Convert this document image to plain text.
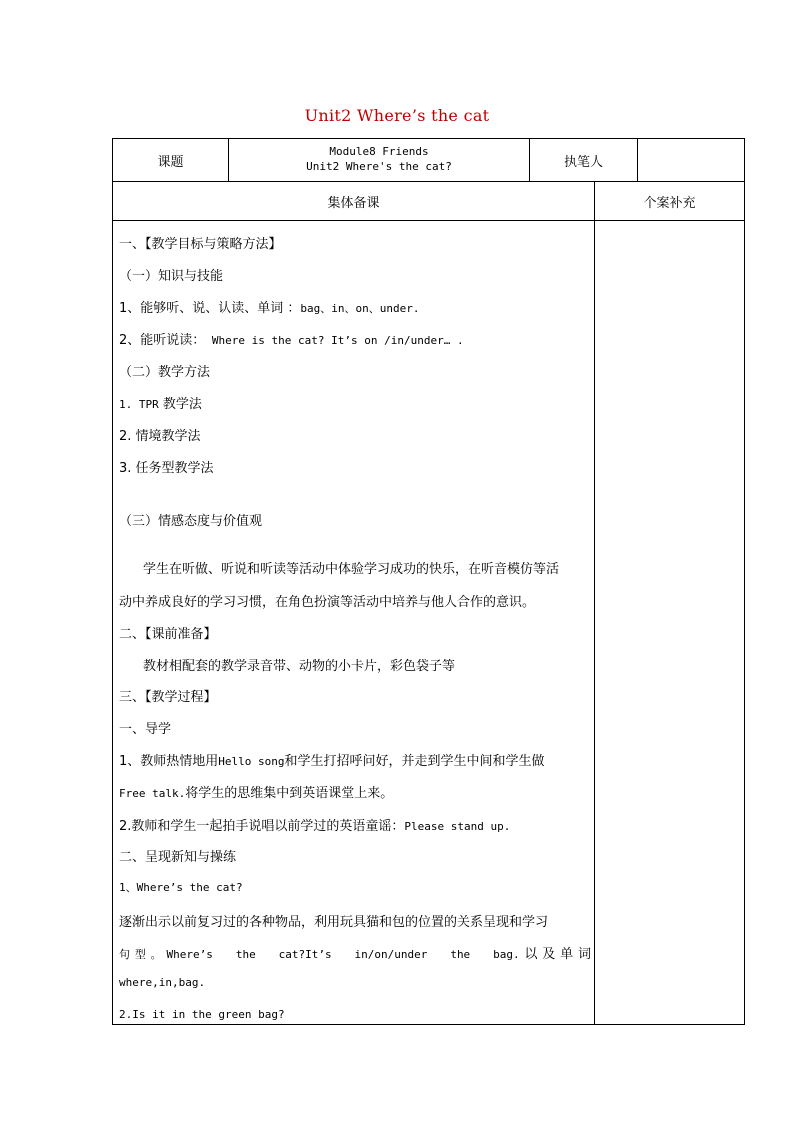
Unit2 Where’s the cat
课题
Module8 Friends
Unit2 Where's the cat?	执笔人
集体备课	个案补充
一、【教学目标与策略方法】
（一）知识与技能
1、能够听、说、认读、单词 ：bag、in、on、under.
2、能听说读： Where is the cat? It’s on /in/under… .
（二）教学方法
1. TPR 教学法
2. 情境教学法
3. 任务型教学法
（三）情感态度与价值观
学生在听做、听说和听读等活动中体验学习成功的快乐，在听音模仿等活
动中养成良好的学习习惯，在角色扮演等活动中培养与他人合作的意识。
二、【课前准备】
教材相配套的教学录音带、动物的小卡片，彩色袋子等
三、【教学过程】
一、导学
1、教师热情地用Hello song和学生打招呼问好，并走到学生中间和学生做
Free talk.将学生的思维集中到英语课堂上来。
2.教师和学生一起拍手说唱以前学过的英语童谣：Please stand up.
二、呈现新知与操练
1、Where’s the cat?
逐渐出示以前复习过的各种物品，利用玩具猫和包的位置的关系呈现和学习
句型。Where’s  the  cat?It’s  in/on/under  the  bag.以及单词
where,in,bag.
2.Is it in the green bag?
